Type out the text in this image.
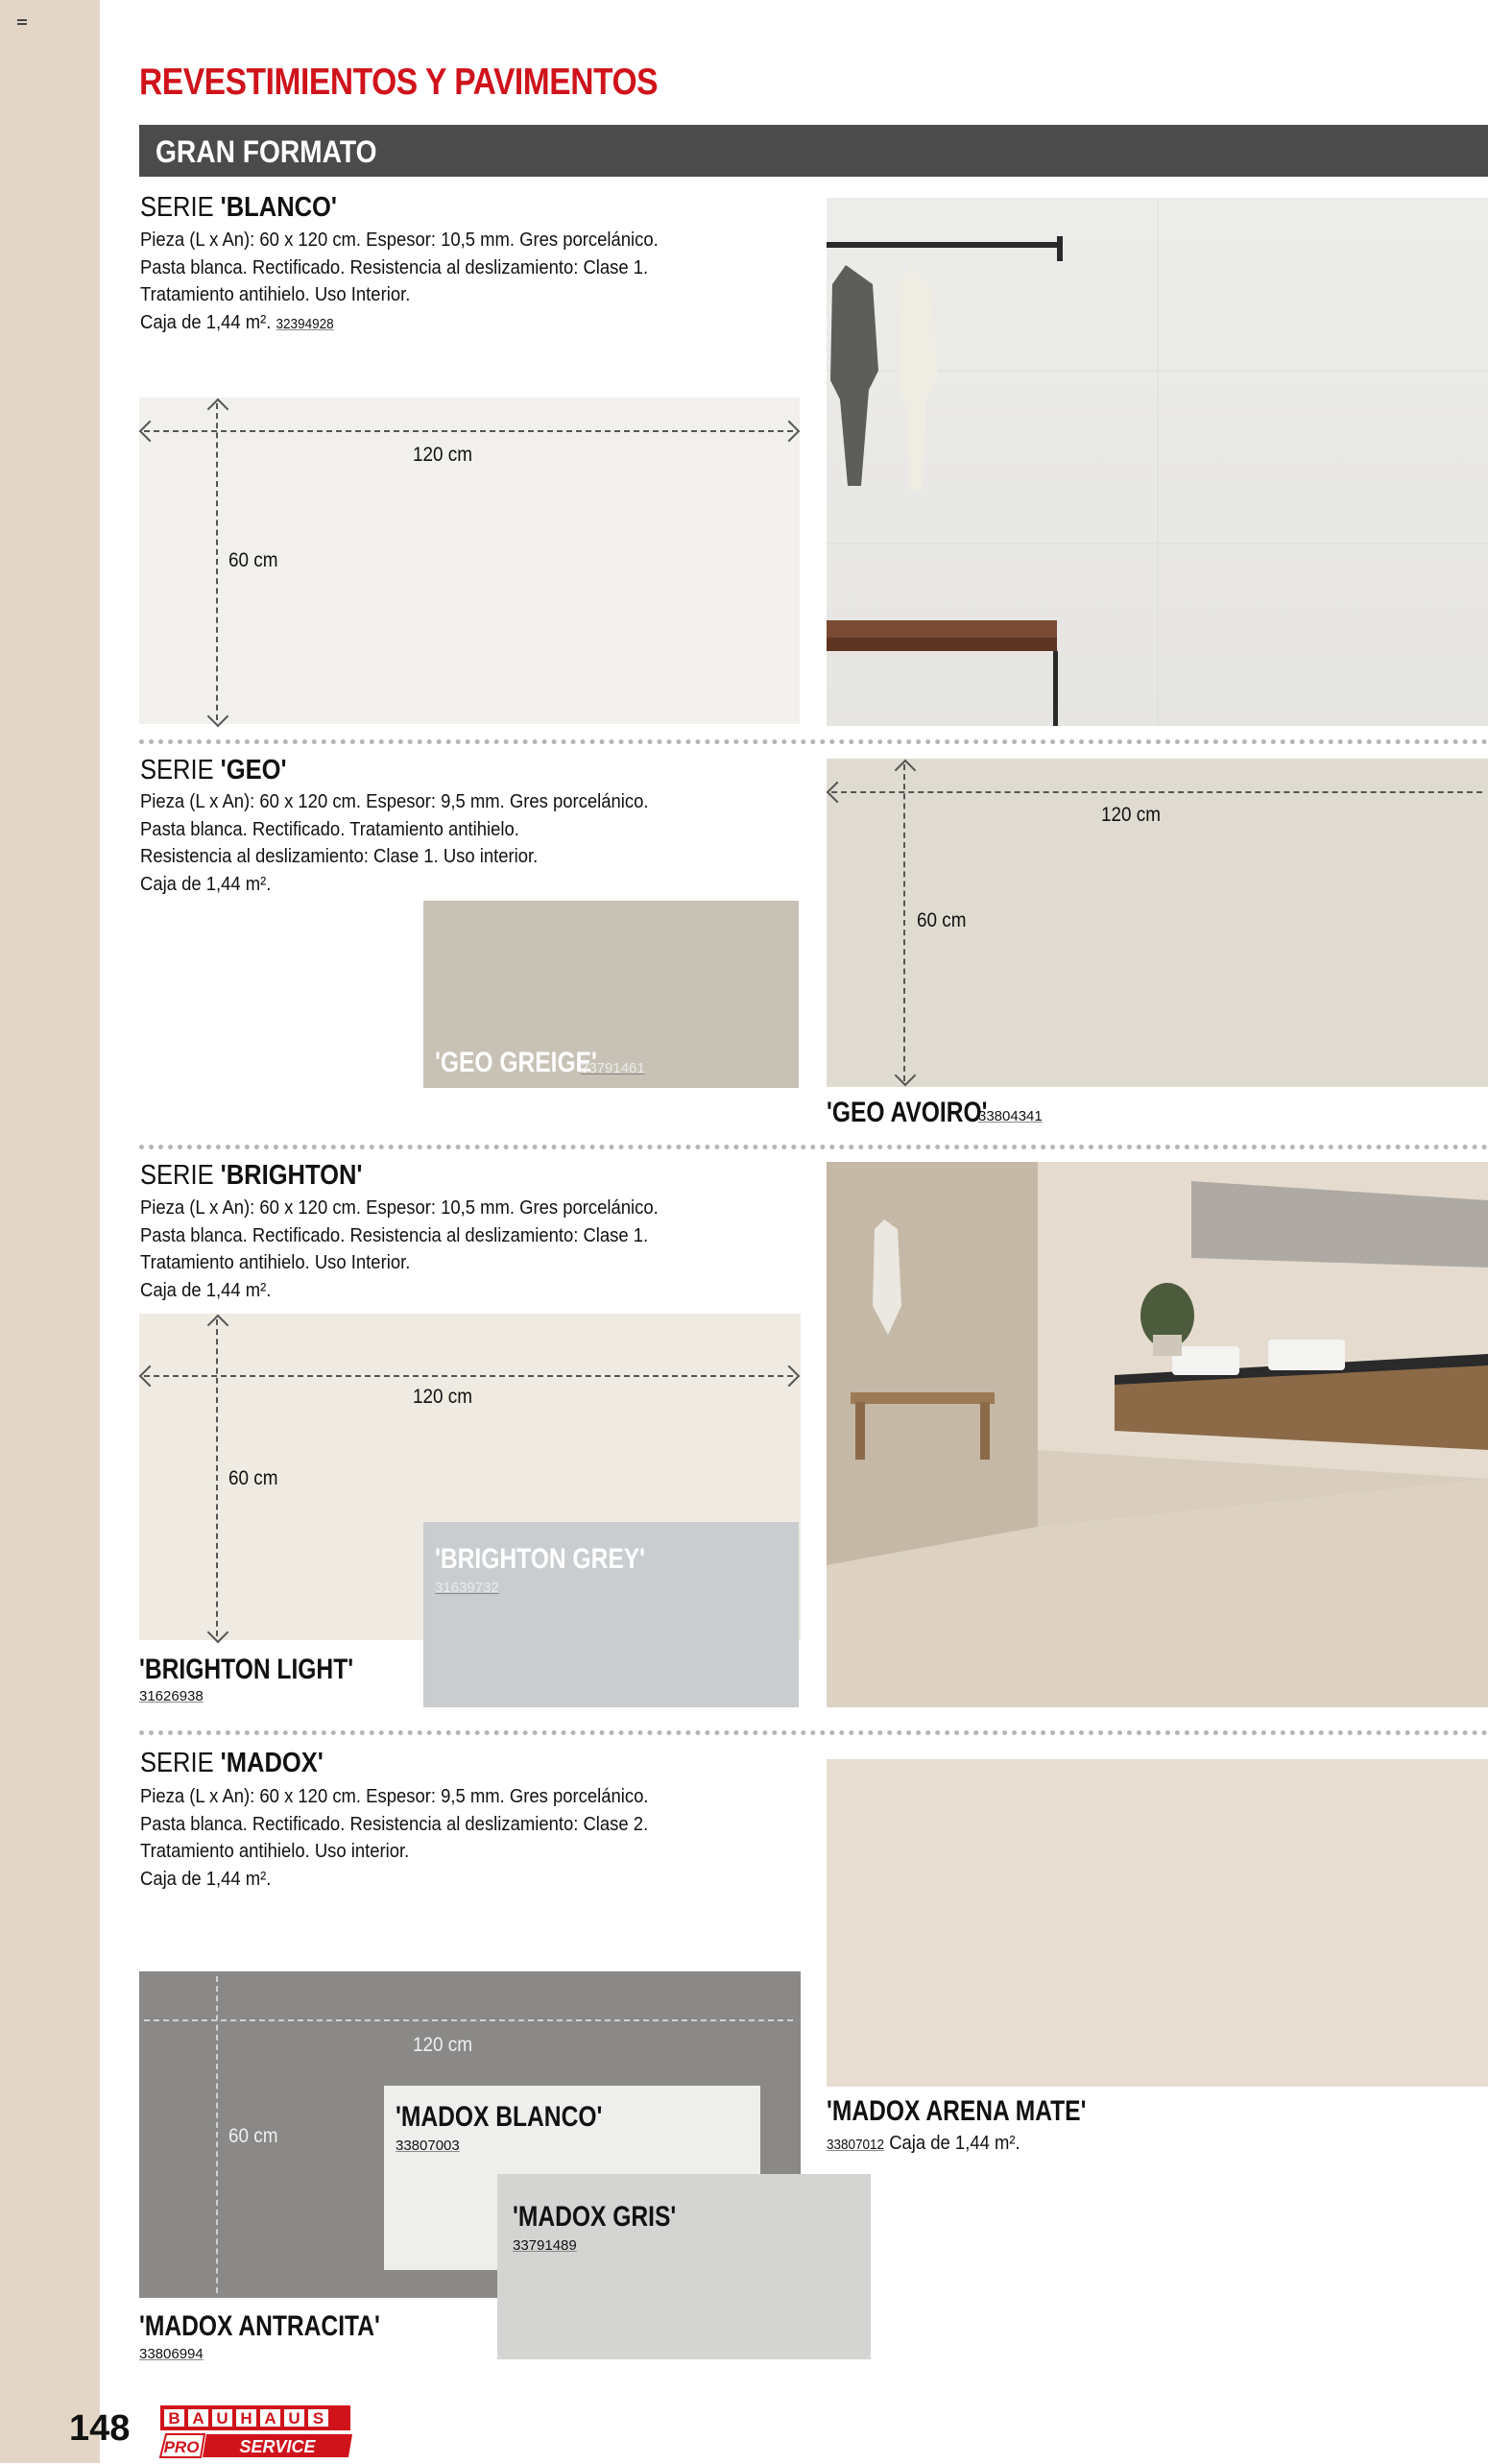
REVESTIMIENTOS Y PAVIMENTOS
GRAN FORMATO
SERIE 'BLANCO'

Pieza (L x An): 60 x 120 cm. Espesor: 10,5 mm. Gres porcelánico.

Pasta blanca. Rectificado. Resistencia al deslizamiento: Clase 1.

Tratamiento antihielo. Uso Interior.

Caja de 1,44 m². 32394928

120 cm
60 cm
SERIE 'GEO'

Pieza (L x An): 60 x 120 cm. Espesor: 9,5 mm. Gres porcelánico.

Pasta blanca. Rectificado. Tratamiento antihielo.

Resistencia al deslizamiento: Clase 1. Uso interior.

Caja de 1,44 m².

'GEO GREIGE'
33791461
120 cm
60 cm
'GEO AVOIRO'
33804341
SERIE 'BRIGHTON'

Pieza (L x An): 60 x 120 cm. Espesor: 10,5 mm. Gres porcelánico.

Pasta blanca. Rectificado. Resistencia al deslizamiento: Clase 1.

Tratamiento antihielo. Uso Interior.

Caja de 1,44 m².

120 cm
60 cm
'BRIGHTON GREY'
31639732
'BRIGHTON LIGHT'
31626938
SERIE 'MADOX'

Pieza (L x An): 60 x 120 cm. Espesor: 9,5 mm. Gres porcelánico.

Pasta blanca. Rectificado. Resistencia al deslizamiento: Clase 2.

Tratamiento antihielo. Uso interior.

Caja de 1,44 m².

120 cm
60 cm
'MADOX BLANCO'
33807003
'MADOX GRIS'
33791489
'MADOX ANTRACITA'
33806994
'MADOX ARENA MATE'

33807012 Caja de 1,44 m².

148 B A U H A U S
PRO SERVICE
